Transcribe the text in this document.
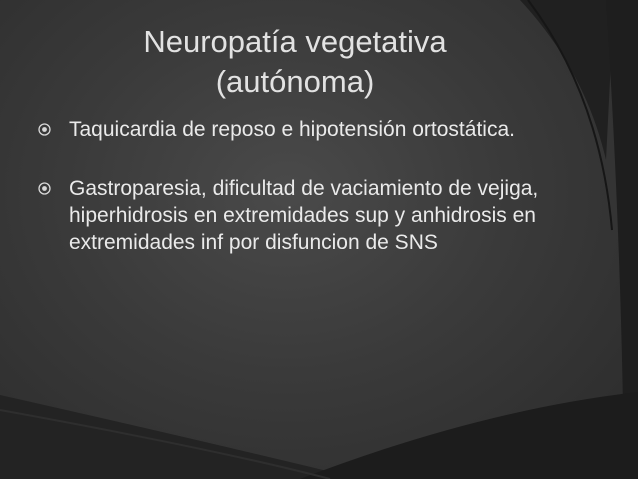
Neuropatía vegetativa
(autónoma)
Taquicardia de reposo e hipotensión ortostática.
Gastroparesia, dificultad de vaciamiento de vejiga, hiperhidrosis en extremidades sup y anhidrosis en extremidades inf por disfuncion de SNS
